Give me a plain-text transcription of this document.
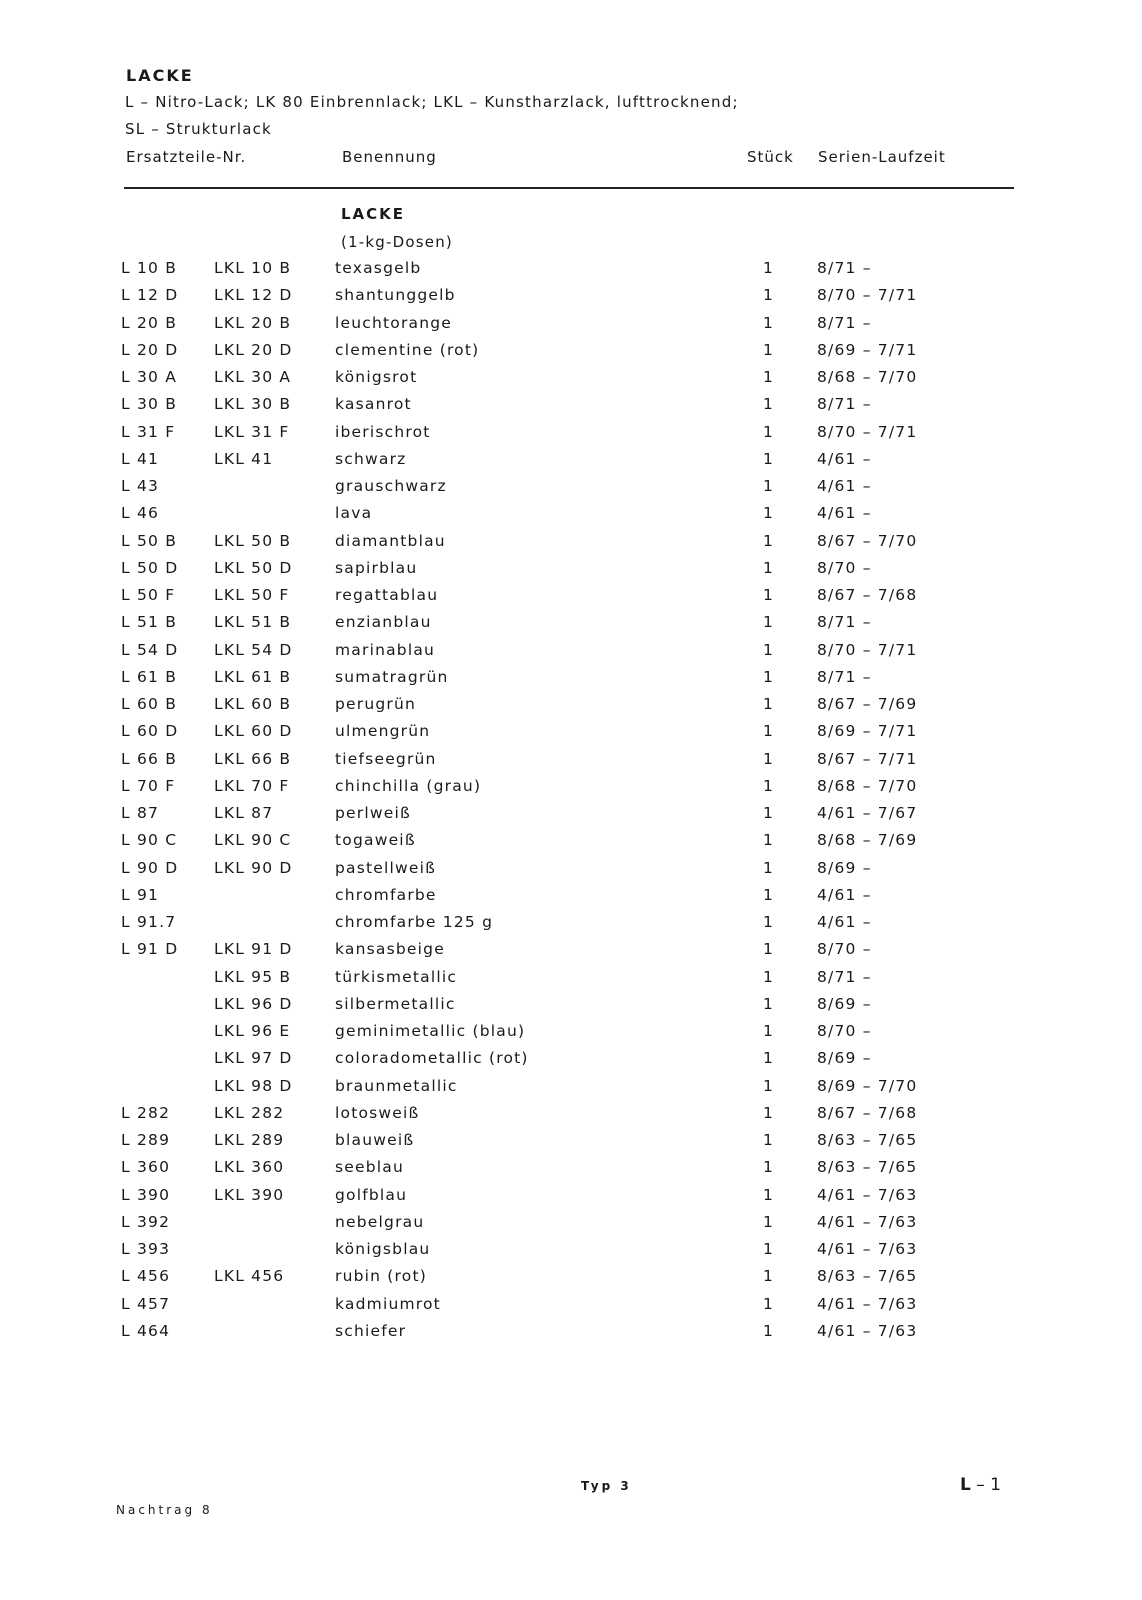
LACKE
L – Nitro-Lack; LK 80 Einbrennlack; LKL – Kunstharzlack, lufttrocknend;
SL – Strukturlack
Ersatzteile-Nr.	Benennung	Stück Serien-Laufzeit
LACKE
(1-kg-Dosen)
L 10 B LKL 10 B	texasgelb	1	8/71 –
L 12 D LKL 12 D	shantunggelb	1	8/70 – 7/71
L 20 B LKL 20 B	leuchtorange	1	8/71 –
L 20 D LKL 20 D	clementine (rot)	1	8/69 – 7/71
L 30 A LKL 30 A	königsrot	1	8/68 – 7/70
L 30 B LKL 30 B	kasanrot	1	8/71 –
L 31 F LKL 31 F	iberischrot	1	8/70 – 7/71
L 41	LKL 41	schwarz	1	4/61 –
L 43	grauschwarz	1	4/61 –
L 46	lava	1	4/61 –
L 50 B LKL 50 B	diamantblau	1	8/67 – 7/70
L 50 D LKL 50 D	sapirblau	1	8/70 –
L 50 F LKL 50 F	regattablau	1	8/67 – 7/68
L 51 B LKL 51 B	enzianblau	1	8/71 –
L 54 D LKL 54 D	marinablau	1	8/70 – 7/71
L 61 B LKL 61 B	sumatragrün	1	8/71 –
L 60 B LKL 60 B	perugrün	1	8/67 – 7/69
L 60 D LKL 60 D	ulmengrün	1	8/69 – 7/71
L 66 B LKL 66 B	tiefseegrün	1	8/67 – 7/71
L 70 F LKL 70 F	chinchilla (grau)	1	8/68 – 7/70
L 87	LKL 87	perlweiß	1	4/61 – 7/67
L 90 C LKL 90 C	togaweiß	1	8/68 – 7/69
L 90 D LKL 90 D	pastellweiß	1	8/69 –
L 91	chromfarbe	1	4/61 –
L 91.7	chromfarbe 125 g	1	4/61 –
L 91 D LKL 91 D	kansasbeige	1	8/70 –
LKL 95 B	türkismetallic	1	8/71 –
LKL 96 D	silbermetallic	1	8/69 –
LKL 96 E	geminimetallic (blau)	1	8/70 –
LKL 97 D	coloradometallic (rot)	1	8/69 –
LKL 98 D	braunmetallic	1	8/69 – 7/70
L 282	LKL 282	lotosweiß	1	8/67 – 7/68
L 289	LKL 289	blauweiß	1	8/63 – 7/65
L 360	LKL 360	seeblau	1	8/63 – 7/65
L 390	LKL 390	golfblau	1	4/61 – 7/63
L 392	nebelgrau	1	4/61 – 7/63
L 393	königsblau	1	4/61 – 7/63
L 456	LKL 456	rubin (rot)	1	8/63 – 7/65
L 457	kadmiumrot	1	4/61 – 7/63
L 464	schiefer	1	4/61 – 7/63
Typ 3	L – 1
Nachtrag 8
